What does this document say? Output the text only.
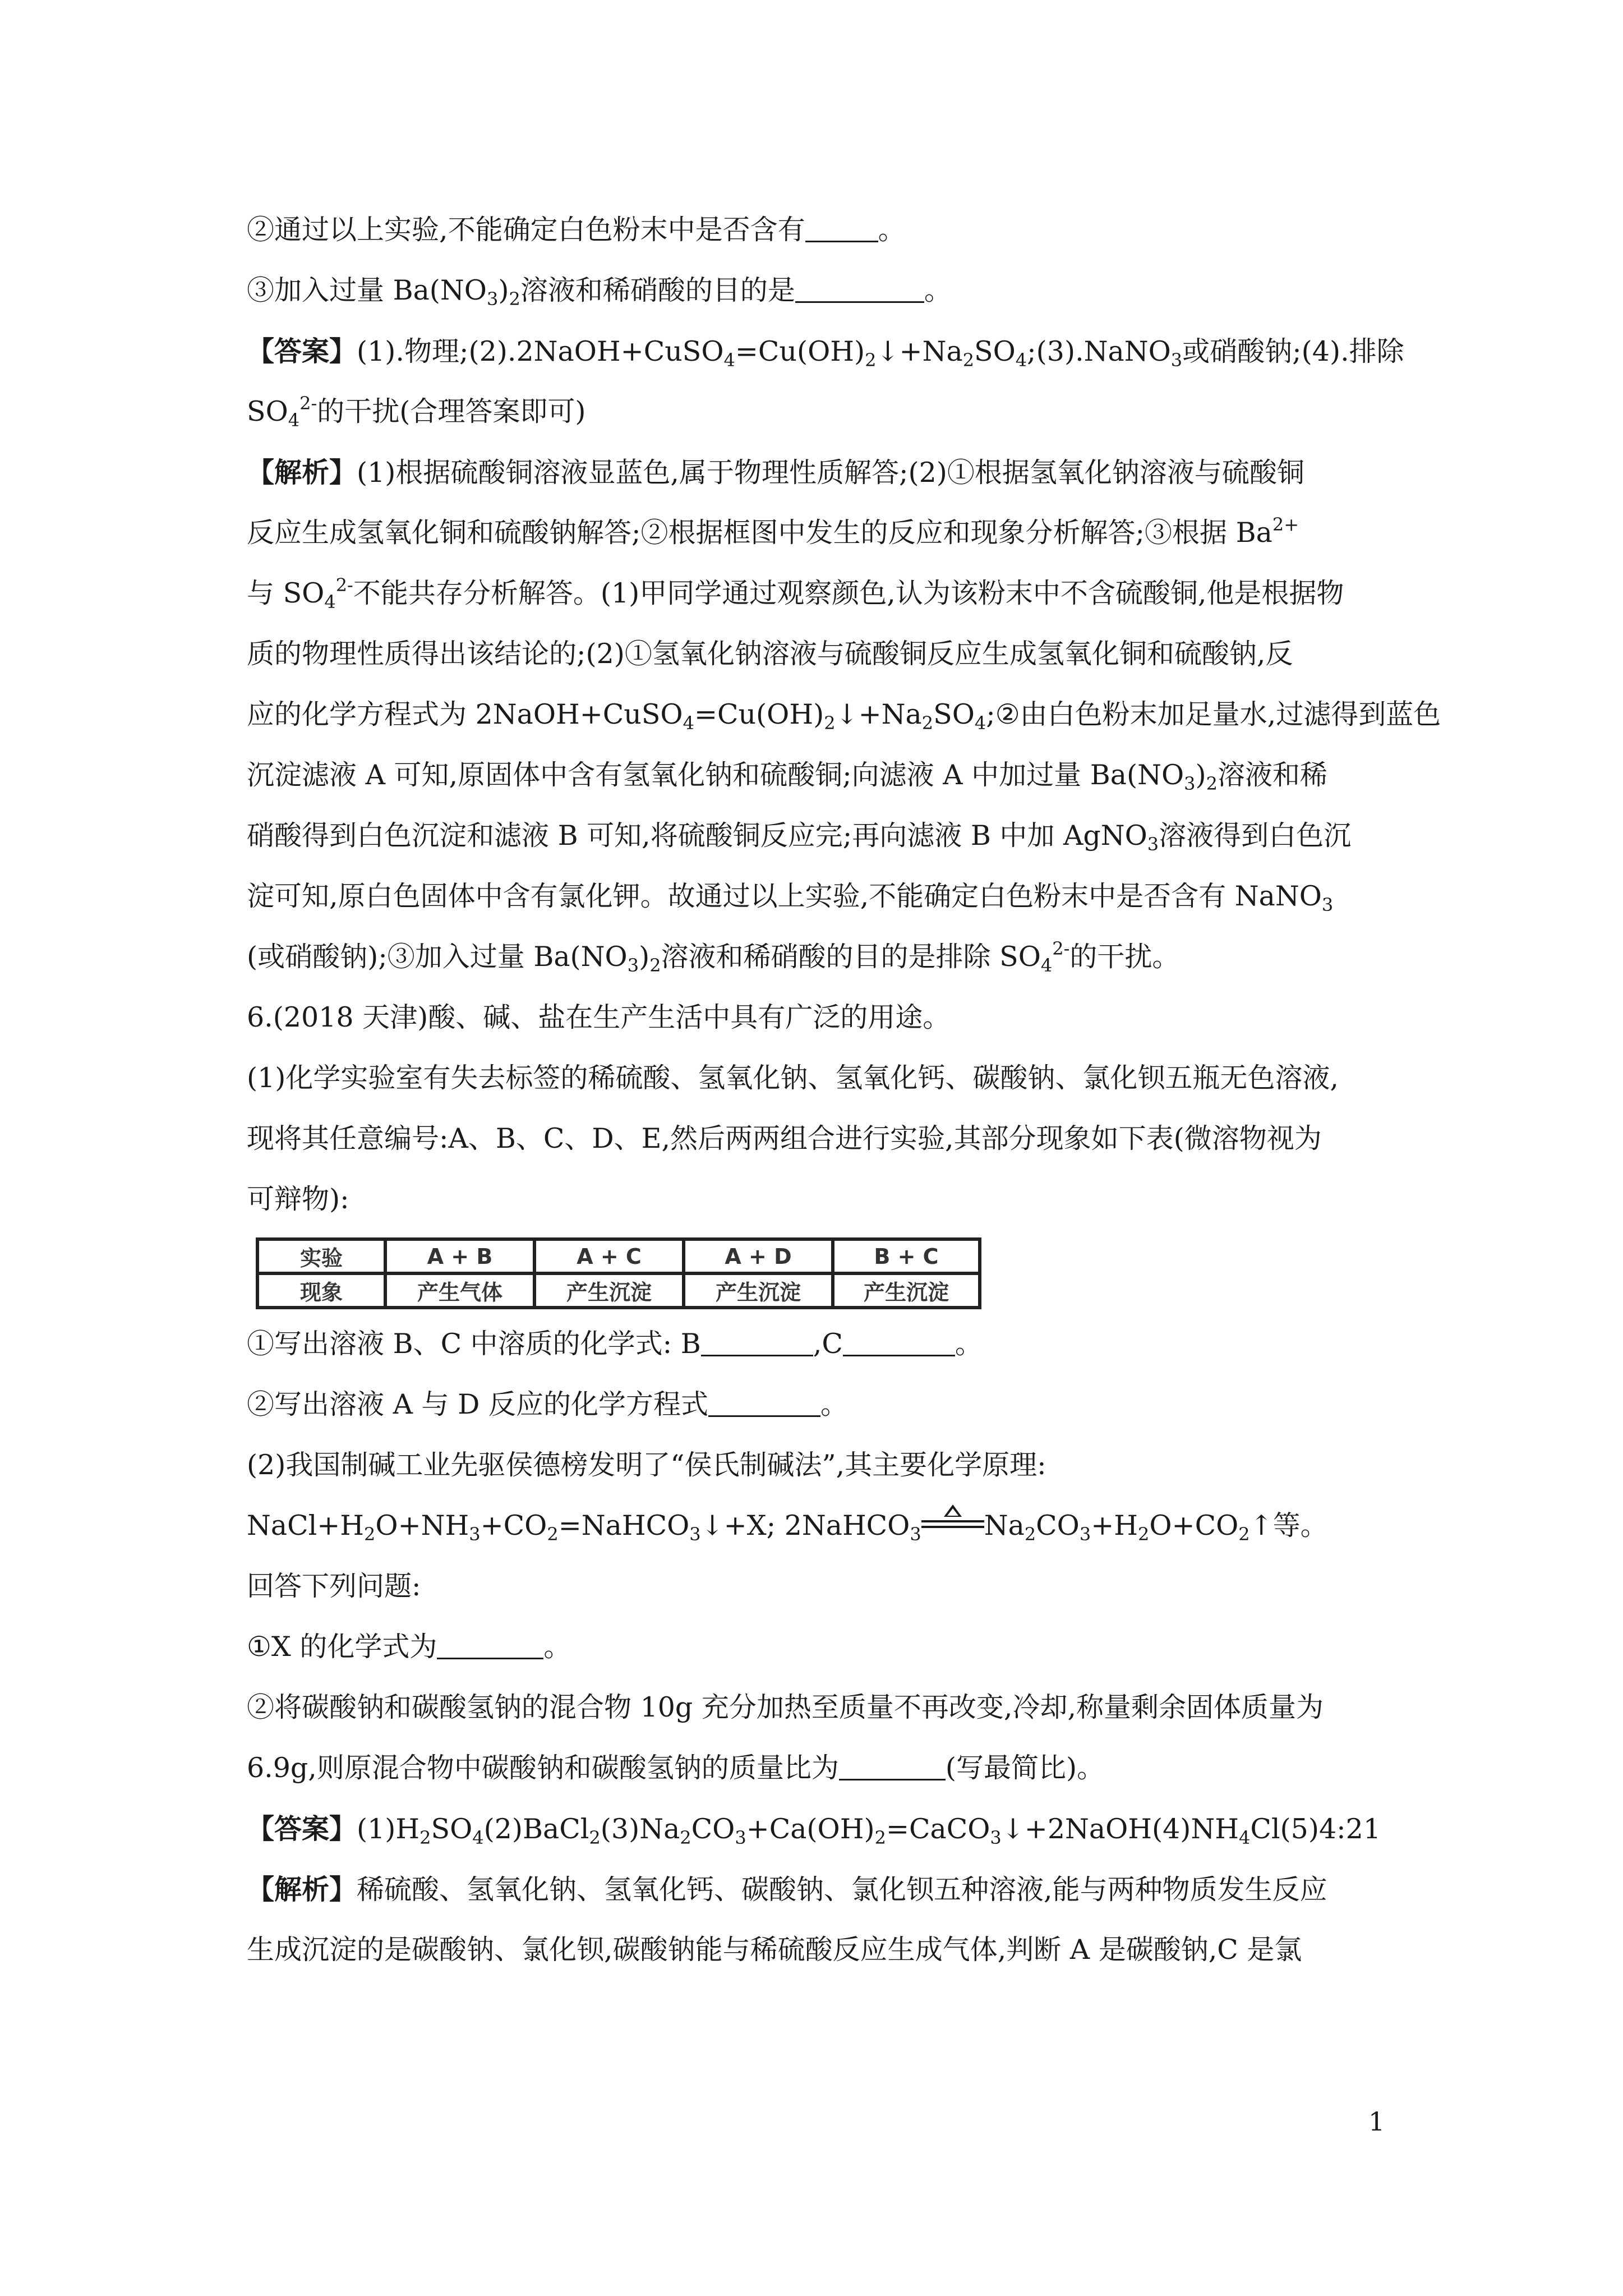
②通过以上实验,不能确定白色粉末中是否含有	。
③加入过量 $Ba(NO_3)_2$溶液和稀硝酸的目的是	。
【答案】(1).物理$;(2).2NaOH+CuSO_4=Cu(OH)_2↓+Na_2SO_4;(3).NaNO_3$或硝酸钠;(4).排除
$SO_4^{2-}$的干扰(合理答案即可)
【解析】(1)根据硫酸铜溶液显蓝色,属于物理性质解答;(2)①根据氢氧化钠溶液与硫酸铜
反应生成氢氧化铜和硫酸钠解答;②根据框图中发生的反应和现象分析解答;③根据 $Ba^{2+}$
与 $SO_4^{2-}$不能共存分析解答。(1)甲同学通过观察颜色,认为该粉末中不含硫酸铜,他是根据物
质的物理性质得出该结论的;(2)①氢氧化钠溶液与硫酸铜反应生成氢氧化铜和硫酸钠,反
应的化学方程式为 $2NaOH+CuSO_4=Cu(OH)_2↓+Na_2SO_4;②$由白色粉末加足量水,过滤得到蓝色
沉淀滤液 A 可知,原固体中含有氢氧化钠和硫酸铜;向滤液 A 中加过量 $Ba(NO_3)_2$溶液和稀
硝酸得到白色沉淀和滤液 B 可知,将硫酸铜反应完;再向滤液 B 中加 AgNO$_3$溶液得到白色沉
淀可知,原白色固体中含有氯化钾。故通过以上实验,不能确定白色粉末中是否含有 NaNO$_3$
(或硝酸钠);③加入过量 $Ba(NO_3)_2$溶液和稀硝酸的目的是排除 $SO_4^{2-}$的干扰。
6.(2018 天津)酸、碱、盐在生产生活中具有广泛的用途。
(1)化学实验室有失去标签的稀硫酸、氢氧化钠、氢氧化钙、碳酸钠、氯化钡五瓶无色溶液,
现将其任意编号:A、B、C、D、E,然后两两组合进行实验,其部分现象如下表(微溶物视为
可辩物):
实验	A + B	A + C	A + D	B + C
现象	产生气体	产生沉淀	产生沉淀	产生沉淀
①写出溶液 B、C 中溶质的化学式: B	,C	。
②写出溶液 A 与 D 反应的化学方程式	。
(2)我国制碱工业先驱侯德榜发明了“侯氏制碱法”,其主要化学原理:
$NaCl+H_2O+NH_3+CO_2=NaHCO_3↓+X$; 2NaHCO$_3$ $Na_2CO_3+H_2O+CO_2↑$等。
回答下列问题:
①X 的化学式为	。
②将碳酸钠和碳酸氢钠的混合物 10g 充分加热至质量不再改变,冷却,称量剩余固体质量为
6.9g,则原混合物中碳酸钠和碳酸氢钠的质量比为	(写最简比)。
【答案】$(1)H_2SO_4(2)BaCl_2(3)Na_2CO_3+Ca(OH)_2=CaCO_3↓+2NaOH(4)NH_4Cl(5)4:21$
【解析】稀硫酸、氢氧化钠、氢氧化钙、碳酸钠、氯化钡五种溶液,能与两种物质发生反应
生成沉淀的是碳酸钠、氯化钡,碳酸钠能与稀硫酸反应生成气体,判断 A 是碳酸钠,C 是氯
1
